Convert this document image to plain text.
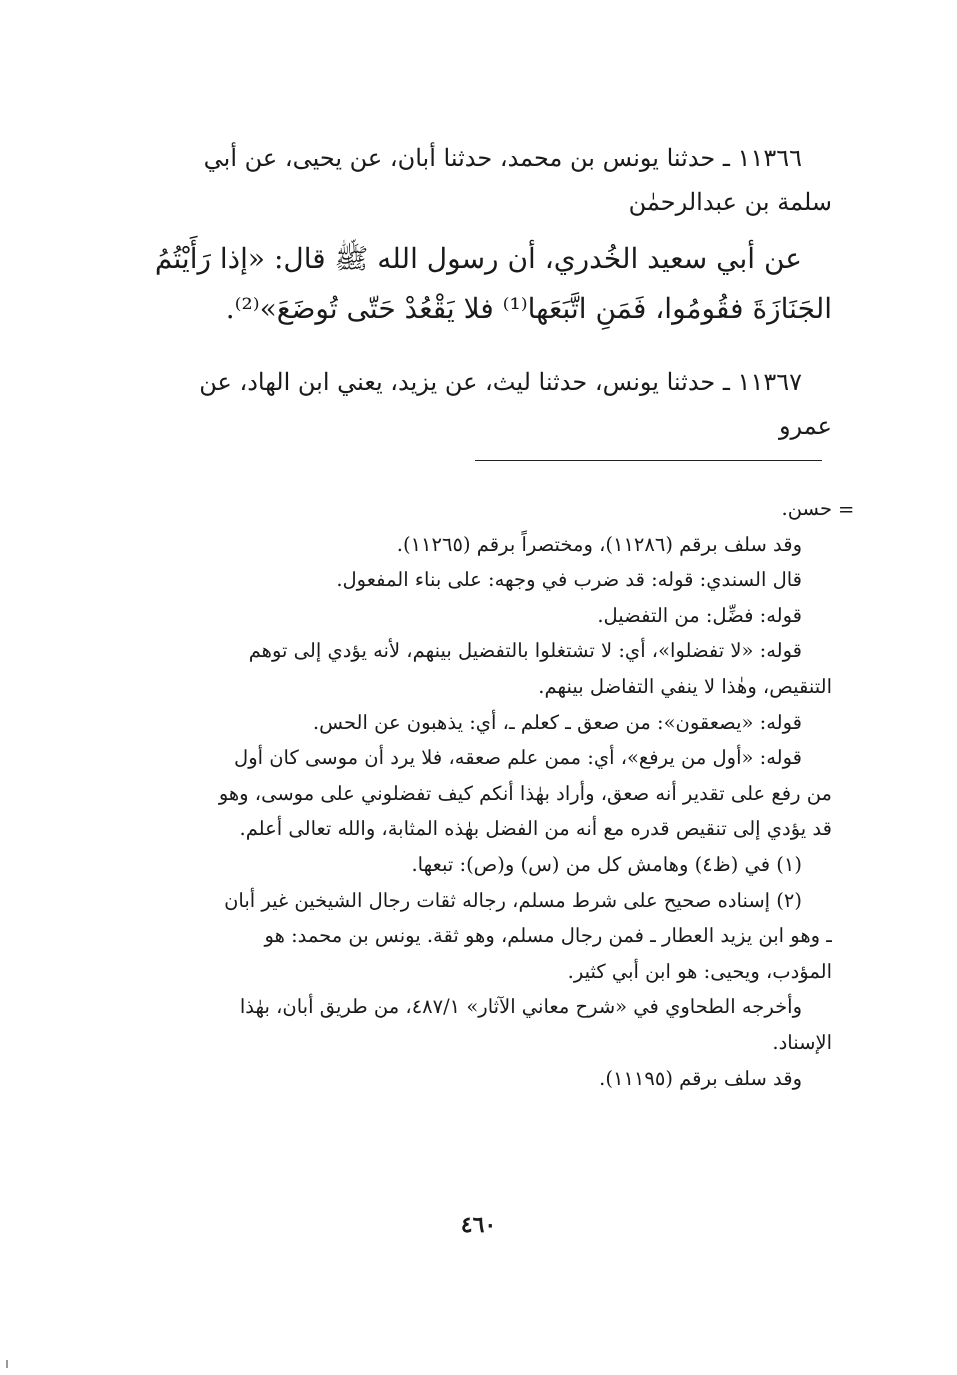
١١٣٦٦ ـ حدثنا يونس بن محمد، حدثنا أبان، عن يحيى، عن أبي
سلمة بن عبدالرحمٰن
عن أبي سعيد الخُدري، أن رسول الله ﷺ قال: «إذا رَأَيْتُمُ
الجَنَازَةَ فقُومُوا، فَمَنِ اتَّبَعَها⁽¹⁾ فلا يَقْعُدْ حَتّى تُوضَعَ»⁽²⁾.
١١٣٦٧ ـ حدثنا يونس، حدثنا ليث، عن يزيد، يعني ابن الهاد، عن
عمرو
=
حسن.
وقد سلف برقم (١١٢٨٦)، ومختصراً برقم (١١٢٦٥).
قال السندي: قوله: قد ضرب في وجهه: على بناء المفعول.
قوله: فضِّل: من التفضيل.
قوله: «لا تفضلوا»، أي: لا تشتغلوا بالتفضيل بينهم، لأنه يؤدي إلى توهم
التنقيص، وهٰذا لا ينفي التفاضل بينهم.
قوله: «يصعقون»: من صعق ـ كعلم ـ، أي: يذهبون عن الحس.
قوله: «أول من يرفع»، أي: ممن علم صعقه، فلا يرد أن موسى كان أول
من رفع على تقدير أنه صعق، وأراد بهٰذا أنكم كيف تفضلوني على موسى، وهو
قد يؤدي إلى تنقيص قدره مع أنه من الفضل بهٰذه المثابة، والله تعالى أعلم.
(١) في (ظ٤) وهامش كل من (س) و(ص): تبعها.
(٢) إسناده صحيح على شرط مسلم، رجاله ثقات رجال الشيخين غير أبان
ـ وهو ابن يزيد العطار ـ فمن رجال مسلم، وهو ثقة. يونس بن محمد: هو
المؤدب، ويحيى: هو ابن أبي كثير.
وأخرجه الطحاوي في «شرح معاني الآثار» ٤٨٧/١، من طريق أبان، بهٰذا
الإسناد.
وقد سلف برقم (١١١٩٥).
٤٦٠
